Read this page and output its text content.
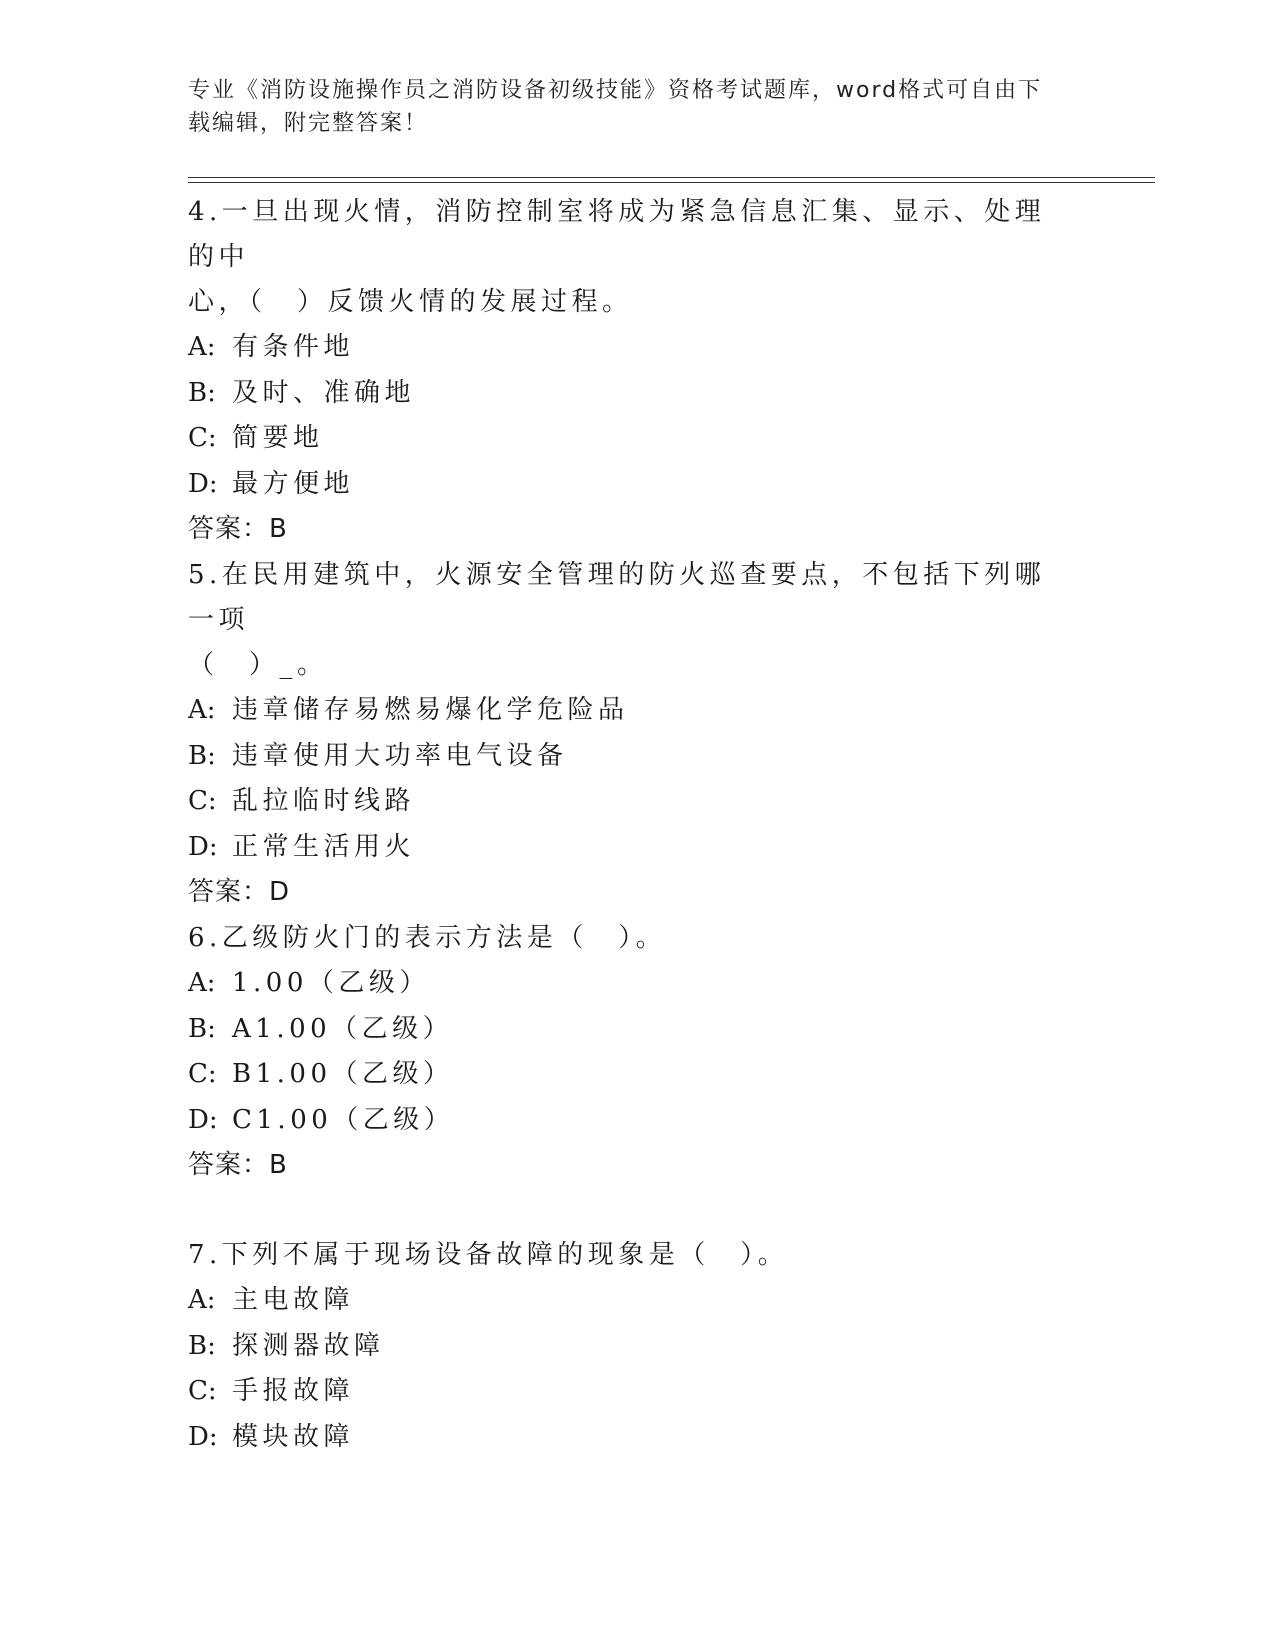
专业《消防设施操作员之消防设备初级技能》资格考试题库，word格式可自由下
载编辑，附完整答案！

4.一旦出现火情，消防控制室将成为紧急信息汇集、显示、处理的中

心，（　）反馈火情的发展过程。

A: 有条件地

B: 及时、准确地

C: 简要地

D: 最方便地

答案：B

5.在民用建筑中，火源安全管理的防火巡查要点，不包括下列哪一项

（　）_。

A: 违章储存易燃易爆化学危险品

B: 违章使用大功率电气设备

C: 乱拉临时线路

D: 正常生活用火

答案：D

6.乙级防火门的表示方法是（　）。

A: 1.00（乙级）

B: A1.00（乙级）

C: B1.00（乙级）

D: C1.00（乙级）

答案：B

7.下列不属于现场设备故障的现象是（　）。

A: 主电故障

B: 探测器故障

C: 手报故障

D: 模块故障
